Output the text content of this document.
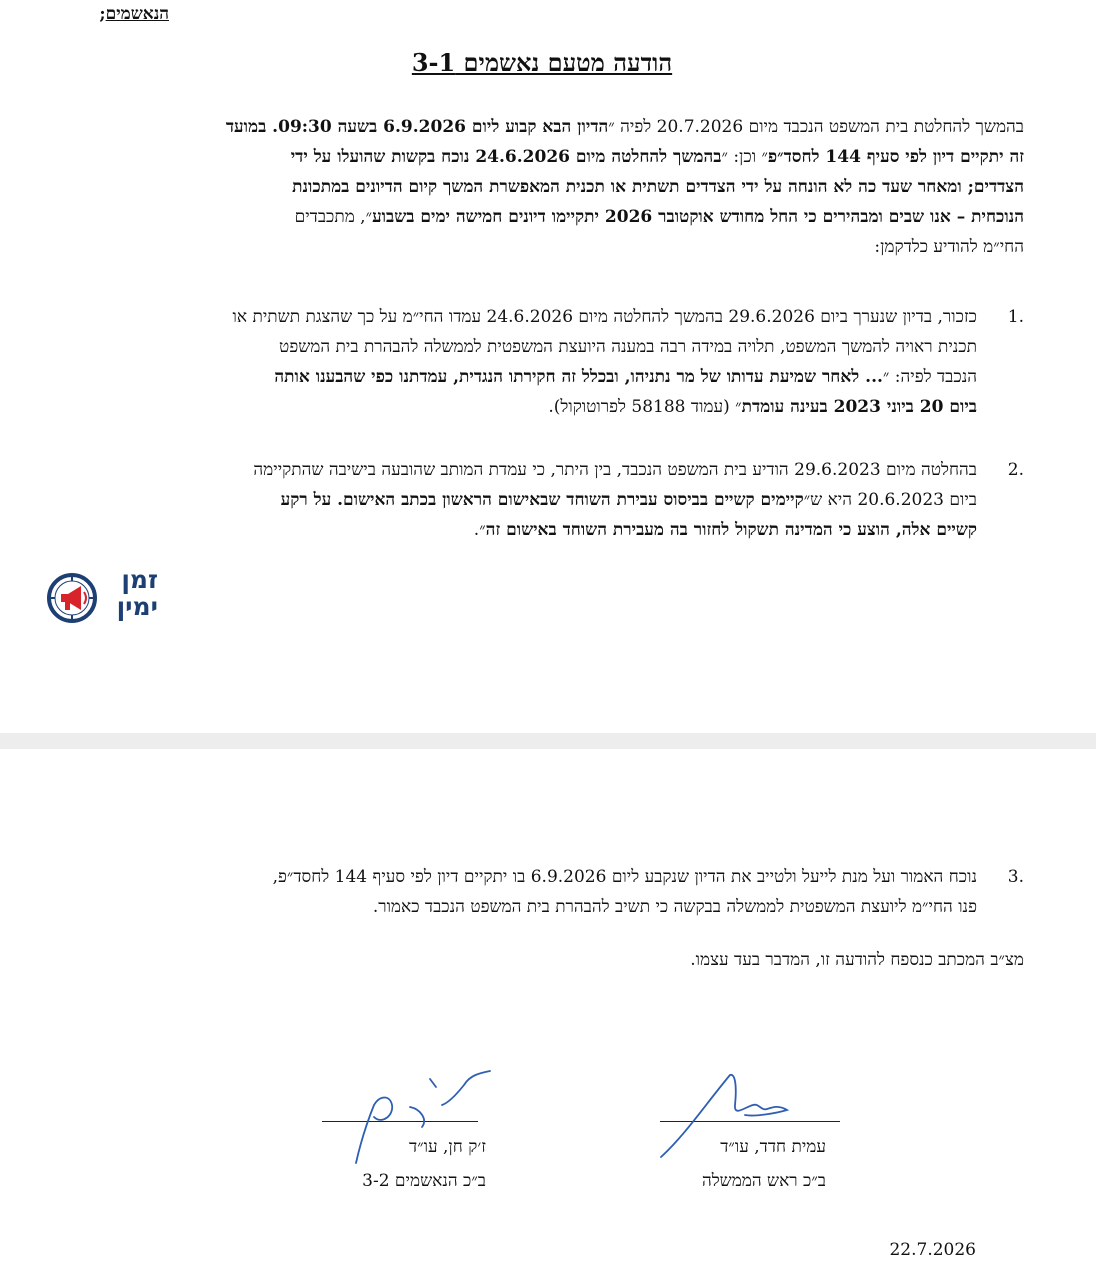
הנאשמים;
הודעה מטעם נאשמים 3-1
בהמשך להחלטת בית המשפט הנכבד מיום 20.7.2026 לפיה ״הדיון הבא קבוע ליום 6.9.2026 בשעה 09:30. במועד
זה יתקיים דיון לפי סעיף 144 לחסד״פ״ וכן: ״בהמשך להחלטה מיום 24.6.2026 נוכח בקשות שהועלו על ידי
הצדדים; ומאחר שעד כה לא הונחה על ידי הצדדים תשתית או תכנית המאפשרת המשך קיום הדיונים במתכונת
הנוכחית – אנו שבים ומבהירים כי החל מחודש אוקטובר 2026 יתקיימו דיונים חמישה ימים בשבוע״, מתכבדים
החי״מ להודיע כלדקמן:
.1
כזכור, בדיון שנערך ביום 29.6.2026 בהמשך להחלטה מיום 24.6.2026 עמדו החי״מ על כך שהצגת תשתית או
תכנית ראויה להמשך המשפט, תלויה במידה רבה במענה היועצת המשפטית לממשלה להבהרת בית המשפט
הנכבד לפיה: ״... לאחר שמיעת עדותו של מר נתניהו, ובכלל זה חקירתו הנגדית, עמדתנו כפי שהבענו אותה
ביום 20 ביוני 2023 בעינה עומדת״ (עמוד 58188 לפרוטוקול).
.2
בהחלטה מיום 29.6.2023 הודיע בית המשפט הנכבד, בין היתר, כי עמדת המותב שהובעה בישיבה שהתקיימה
ביום 20.6.2023 היא ש״קיימים קשיים בביסוס עבירת השוחד שבאישום הראשון בכתב האישום. על רקע
קשיים אלה, הוצע כי המדינה תשקול לחזור בה מעבירת השוחד באישום זה״.
זמן
ימין
.3
נוכח האמור ועל מנת לייעל ולטייב את הדיון שנקבע ליום 6.9.2026 בו יתקיים דיון לפי סעיף 144 לחסד״פ,
פנו החי״מ ליועצת המשפטית לממשלה בבקשה כי תשיב להבהרת בית המשפט הנכבד כאמור.
מצ״ב המכתב כנספח להודעה זו, המדבר בעד עצמו.
עמית חדד, עו״ד
ב״כ ראש הממשלה
ז׳ק חן, עו״ד
ב״כ הנאשמים 3-2
22.7.2026
